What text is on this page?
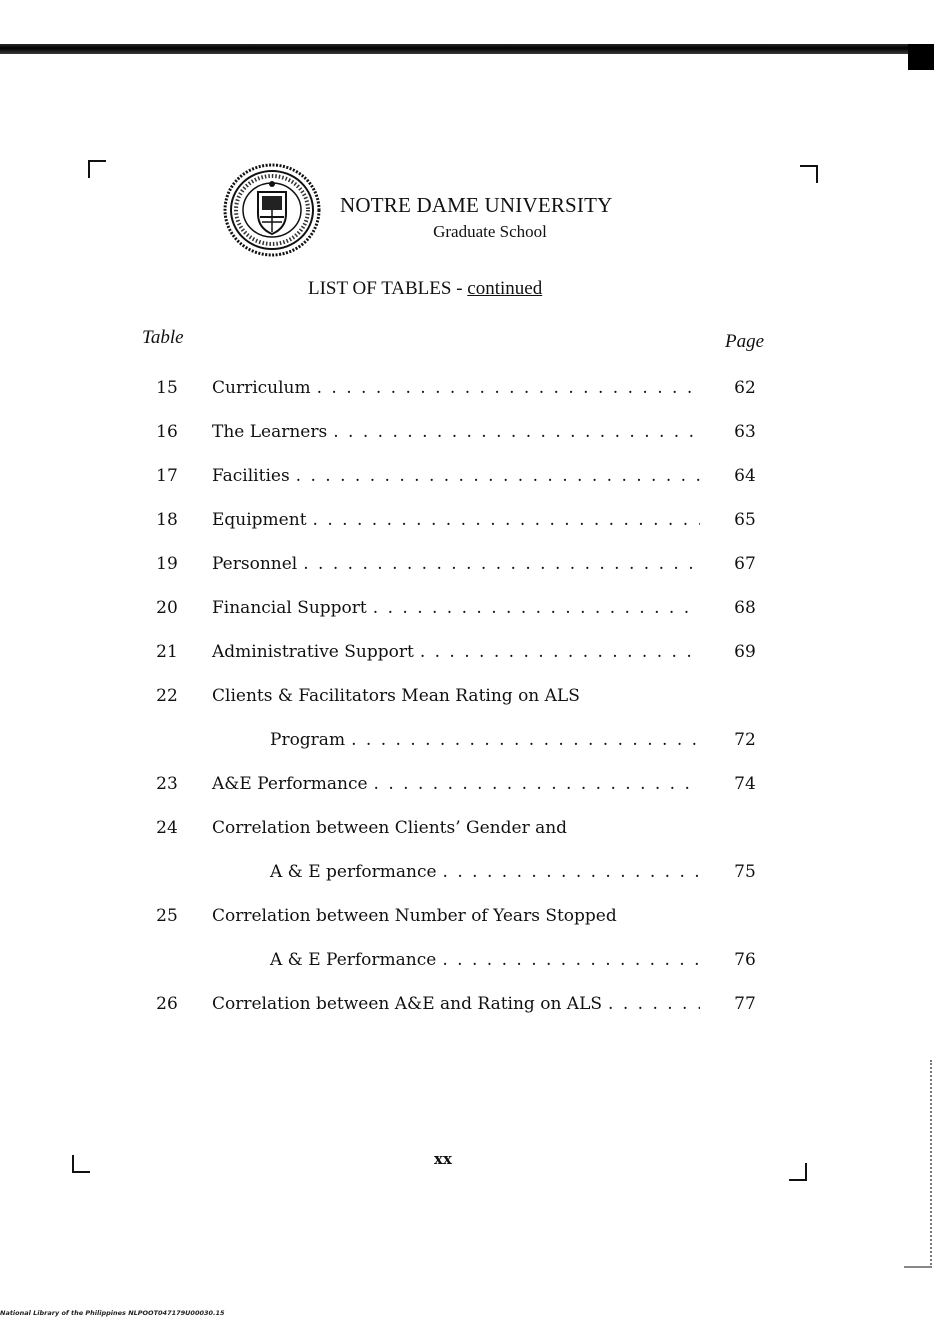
NOTRE DAME UNIVERSITY
Graduate School
LIST OF TABLES - continued
Table	Page
15	Curriculum . . .	62
16	The Learners . . .	63
17	Facilities . . .	64
18	Equipment . . .	65
19	Personnel . . .	67
20	Financial Support . . .	68
21	Administrative Support . . .	69
22	Clients & Facilitators Mean Rating on ALS
Program . . .	72
23	A&E Performance . . .	74
24	Correlation between Clients’ Gender and
A & E performance . . .	75
25	Correlation between Number of Years Stopped
A & E Performance . . .	76
26	Correlation between A&E and Rating on ALS . . .	77
xx
National Library of the Philippines NLPOOT047179U00030.15
